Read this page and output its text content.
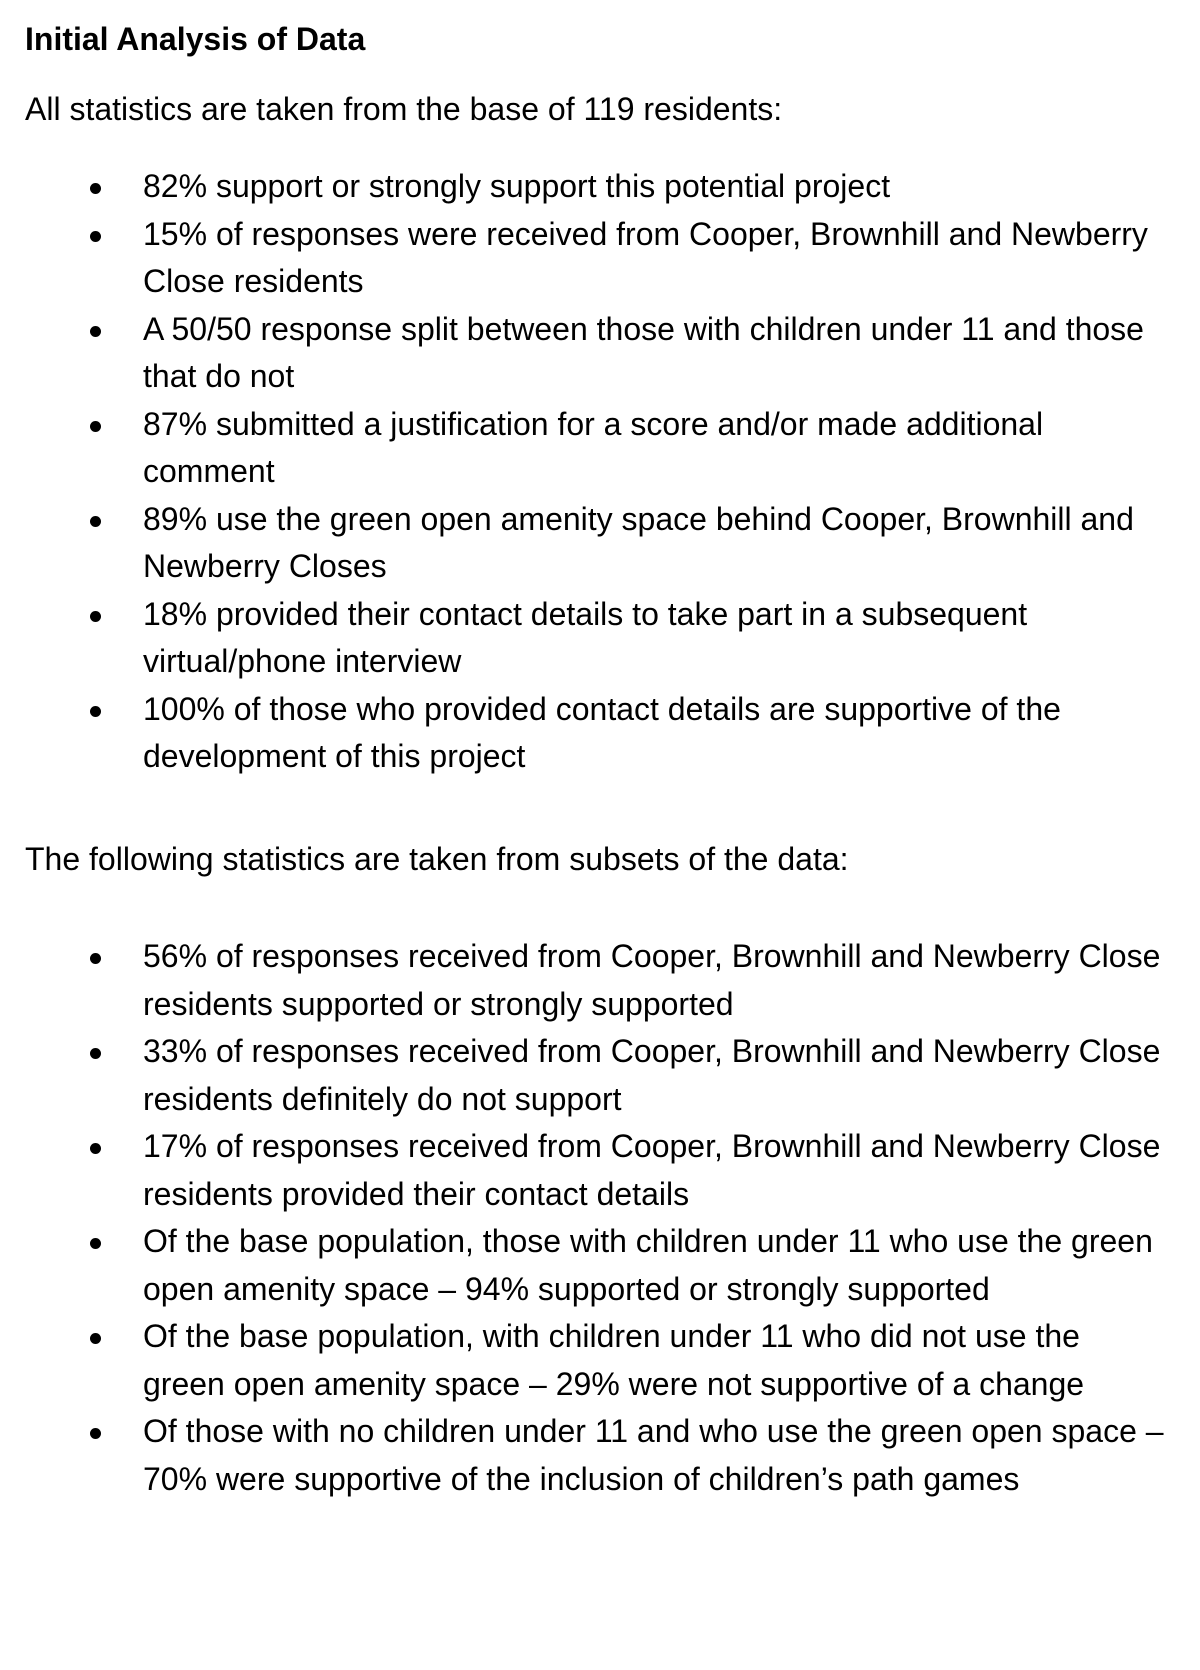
Initial Analysis of Data

All statistics are taken from the base of 119 residents:

82% support or strongly support this potential project
15% of responses were received from Cooper, Brownhill and Newberry Close residents
A 50/50 response split between those with children under 11 and those that do not
87% submitted a justification for a score and/or made additional comment
89% use the green open amenity space behind Cooper, Brownhill and Newberry Closes
18% provided their contact details to take part in a subsequent virtual/phone interview
100% of those who provided contact details are supportive of the development of this project

The following statistics are taken from subsets of the data:

56% of responses received from Cooper, Brownhill and Newberry Close residents supported or strongly supported
33% of responses received from Cooper, Brownhill and Newberry Close residents definitely do not support
17% of responses received from Cooper, Brownhill and Newberry Close residents provided their contact details
Of the base population, those with children under 11 who use the green open amenity space – 94% supported or strongly supported
Of the base population, with children under 11 who did not use the green open amenity space – 29% were not supportive of a change
Of those with no children under 11 and who use the green open space – 70% were supportive of the inclusion of children’s path games
